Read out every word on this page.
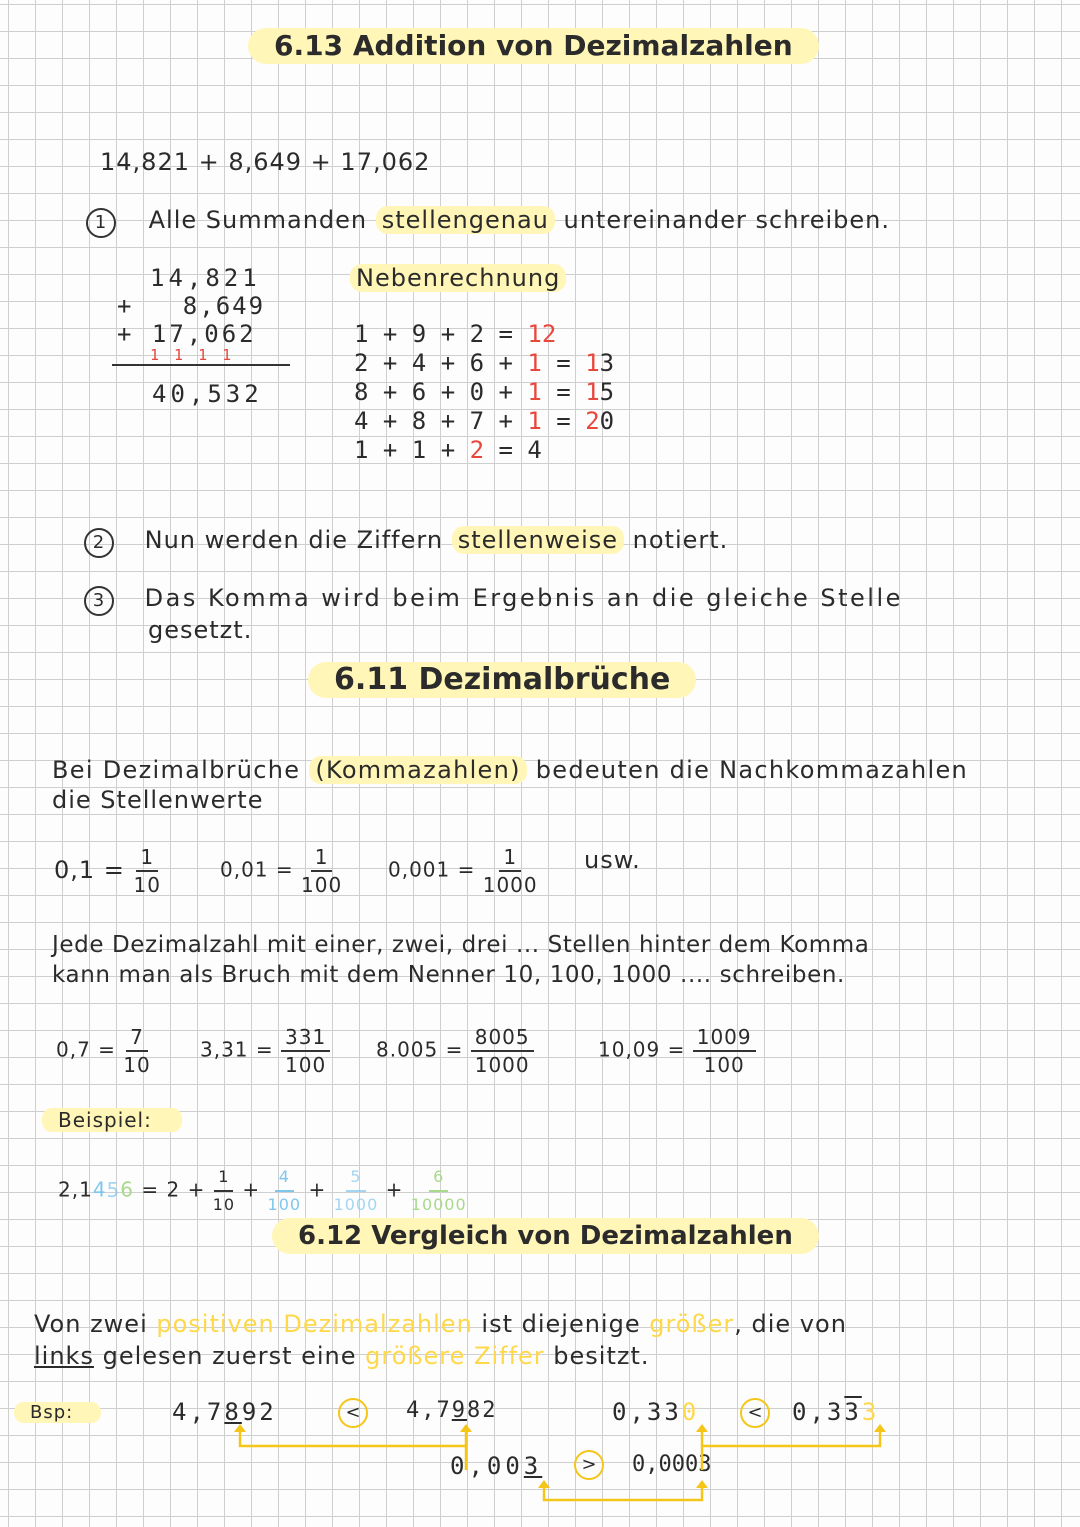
6.13 Addition von Dezimalzahlen
14,821 + 8,649 + 17,062
1 Alle Summanden stellengenau untereinander schreiben.
14,821
+   8,649
+ 17,062
1 1 1 1
40,532
Nebenrechnung
1 + 9 + 2 = 12
2 + 4 + 6 + 1 = 13
8 + 6 + 0 + 1 = 15
4 + 8 + 7 + 1 = 20
1 + 1 + 2 = 4
2 Nun werden die Ziffern stellenweise notiert.
3 Das Komma wird beim Ergebnis an die gleiche Stelle
gesetzt.
6.11 Dezimalbrüche
Bei Dezimalbrüche (Kommazahlen) bedeuten die Nachkommazahlen
die Stellenwerte
$0,1 = \frac{1}{10}$	$0,01 = \frac{1}{100} 0,001 = \frac{1}{1000}$ usw.
Jede Dezimalzahl mit einer, zwei, drei ... Stellen hinter dem Komma
kann man als Bruch mit dem Nenner 10, 100, 1000 .... schreiben.
$0,7 = \frac{7}{10} 3,31 = \frac{331}{100} 8.005 = \frac{8005}{1000}$	$10,09 = \frac{1009}{100}$
Beispiel:
$2,1456 = 2 + \frac{1}{10} + \frac{4}{100} + \frac{5}{1000} + \frac{6}{10000}$
6.12 Vergleich von Dezimalzahlen
Von zwei positiven Dezimalzahlen ist diejenige größer, die von
links gelesen zuerst eine größere Ziffer besitzt.
Bsp:	4,7892	<	4,7982	0,330	<	0,333
0,003	>	0,0003
